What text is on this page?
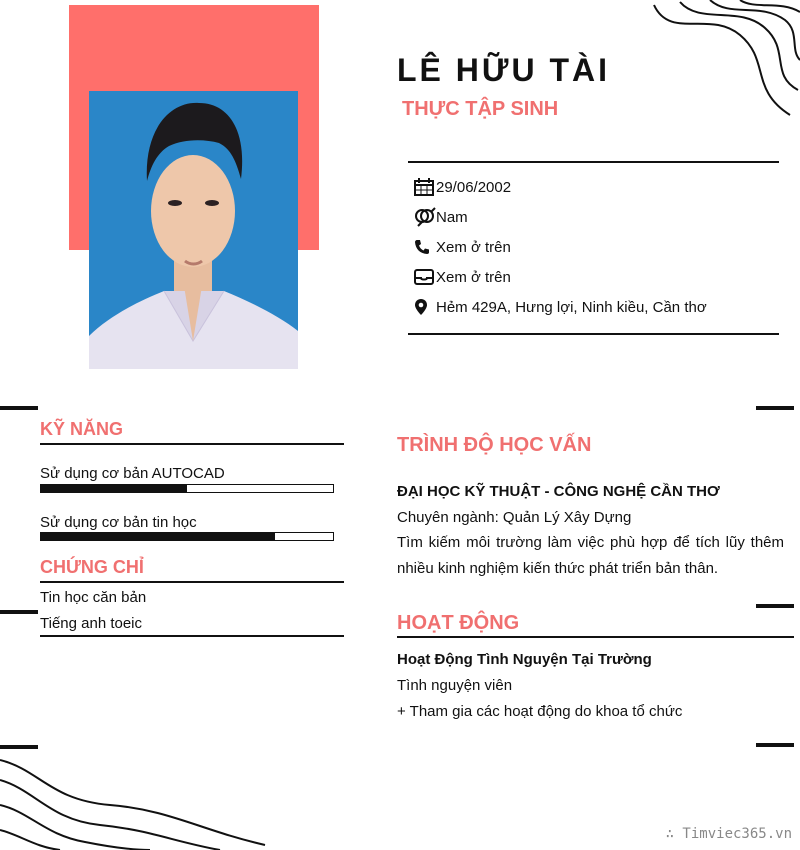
LÊ HỮU TÀI
THỰC TẬP SINH
29/06/2002
Nam
Xem ở trên
Xem ở trên
Hẻm 429A, Hưng lợi, Ninh kiều, Cần thơ
KỸ NĂNG
Sử dụng cơ bản AUTOCAD
Sử dụng cơ bản tin học
CHỨNG CHỈ
Tin học căn bản
Tiếng anh toeic
TRÌNH ĐỘ HỌC VẤN
ĐẠI HỌC KỸ THUẬT - CÔNG NGHỆ CẦN THƠ
Chuyên ngành: Quản Lý Xây Dựng
Tìm kiếm môi trường làm việc phù hợp để tích lũy thêm nhiều kinh nghiệm kiến thức phát triển bản thân.
HOẠT ĐỘNG
Hoạt Động Tình Nguyện Tại Trường
Tình nguyện viên
+ Tham gia các hoạt động do khoa tổ chức
∴ Timviec365.vn
